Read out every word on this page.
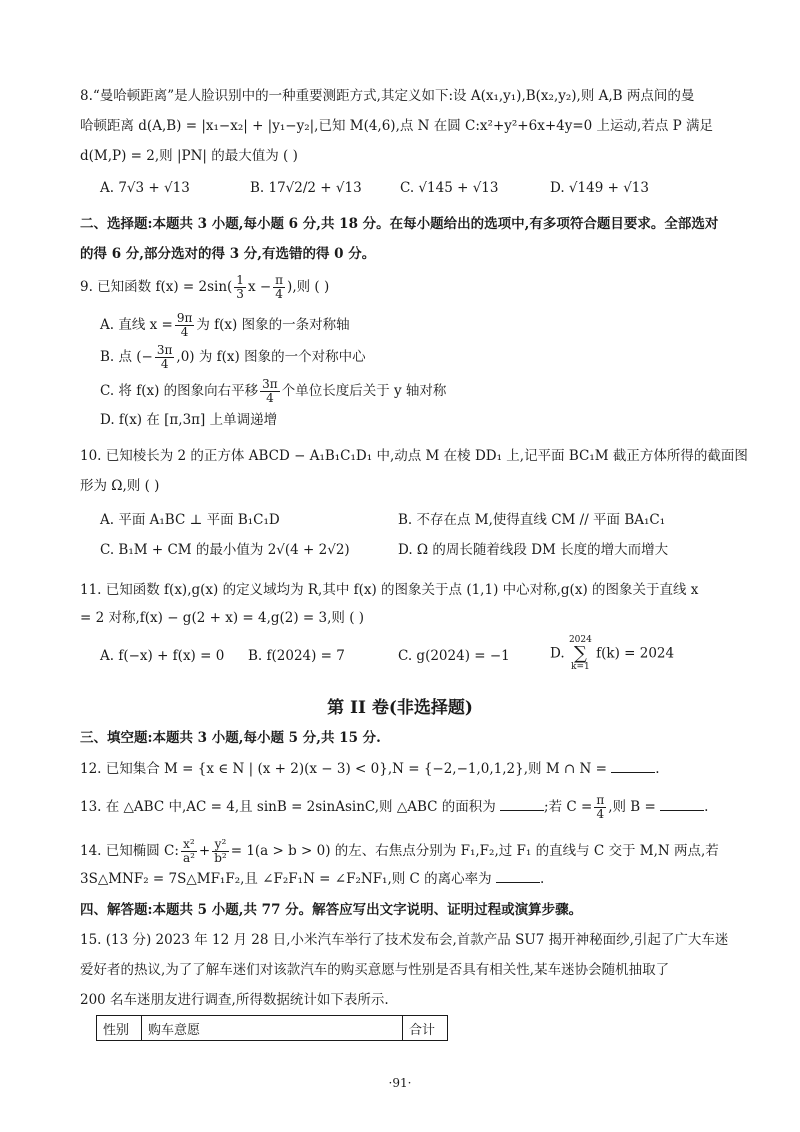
8.“曼哈顿距离”是人脸识别中的一种重要测距方式,其定义如下:设 A(x₁,y₁),B(x₂,y₂),则 A,B 两点间的曼
哈顿距离 d(A,B) = |x₁−x₂| + |y₁−y₂|,已知 M(4,6),点 N 在圆 C:x²+y²+6x+4y=0 上运动,若点 P 满足
d(M,P) = 2,则 |PN| 的最大值为 ( )
A. 7√3 + √13	B. 17√2/2 + √13	C. √145 + √13	D. √149 + √13
二、选择题:本题共 3 小题,每小题 6 分,共 18 分。在每小题给出的选项中,有多项符合题目要求。全部选对
的得 6 分,部分选对的得 3 分,有选错的得 0 分。
9. 已知函数 $f(x) = 2\sin( \frac{1}{3}$ $x - \frac{\pi}{4}$ ),则 ( )
A. 直线 $x = \frac{9\pi}{4}$ 为 f(x) 图象的一条对称轴
B. 点 (− $\frac{3\pi}{4} ,0$) 为 f(x) 图象的一个对称中心
C. 将 f(x) 的图象向右平移 $\frac{3\pi}{4}$ 个单位长度后关于 y 轴对称
D. f(x) 在 [π,3π] 上单调递增
10. 已知棱长为 2 的正方体 ABCD − A₁B₁C₁D₁ 中,动点 M 在棱 DD₁ 上,记平面 BC₁M 截正方体所得的截面图
形为 Ω,则 ( )
A. 平面 A₁BC ⊥ 平面 B₁C₁D	B. 不存在点 M,使得直线 CM // 平面 BA₁C₁
C. B₁M + CM 的最小值为 2√(4 + 2√2)	D. Ω 的周长随着线段 DM 长度的增大而增大
11. 已知函数 f(x),g(x) 的定义域均为 R,其中 f(x) 的图象关于点 (1,1) 中心对称,g(x) 的图象关于直线 x
= 2 对称,f(x) − g(2 + x) = 4,g(2) = 3,则 ( )
A. f(−x) + f(x) = 0 B. f(2024) = 7	C. g(2024) = −1	D. 2024
∑
k=1 f(k) = 2024
第 II 卷(非选择题)
三、填空题:本题共 3 小题,每小题 5 分,共 15 分.
12. 已知集合 M = {x ∈ N | (x + 2)(x − 3) < 0},N = {−2,−1,0,1,2},则 M ∩ N =	.
13. 在 △ABC 中,AC = 4,且 sinB = 2sinAsinC,则 △ABC 的面积为	;若 $C = \frac{\pi}{4}$ ,则 B =	.
14. 已知椭圆 C: $\frac{\text{x²}}{\text{a²}} + \frac{\text{y²}}{\text{b²}} = 1(a > b > 0)$ 的左、右焦点分别为 F₁,F₂,过 F₁ 的直线与 C 交于 M,N 两点,若
3S△MNF₂ = 7S△MF₁F₂,且 ∠F₂F₁N = ∠F₂NF₁,则 C 的离心率为	.
四、解答题:本题共 5 小题,共 77 分。解答应写出文字说明、证明过程或演算步骤。
15. (13 分) 2023 年 12 月 28 日,小米汽车举行了技术发布会,首款产品 SU7 揭开神秘面纱,引起了广大车迷
爱好者的热议,为了了解车迷们对该款汽车的购买意愿与性别是否具有相关性,某车迷协会随机抽取了
200 名车迷朋友进行调查,所得数据统计如下表所示.
性别	购车意愿	合计
·91·
